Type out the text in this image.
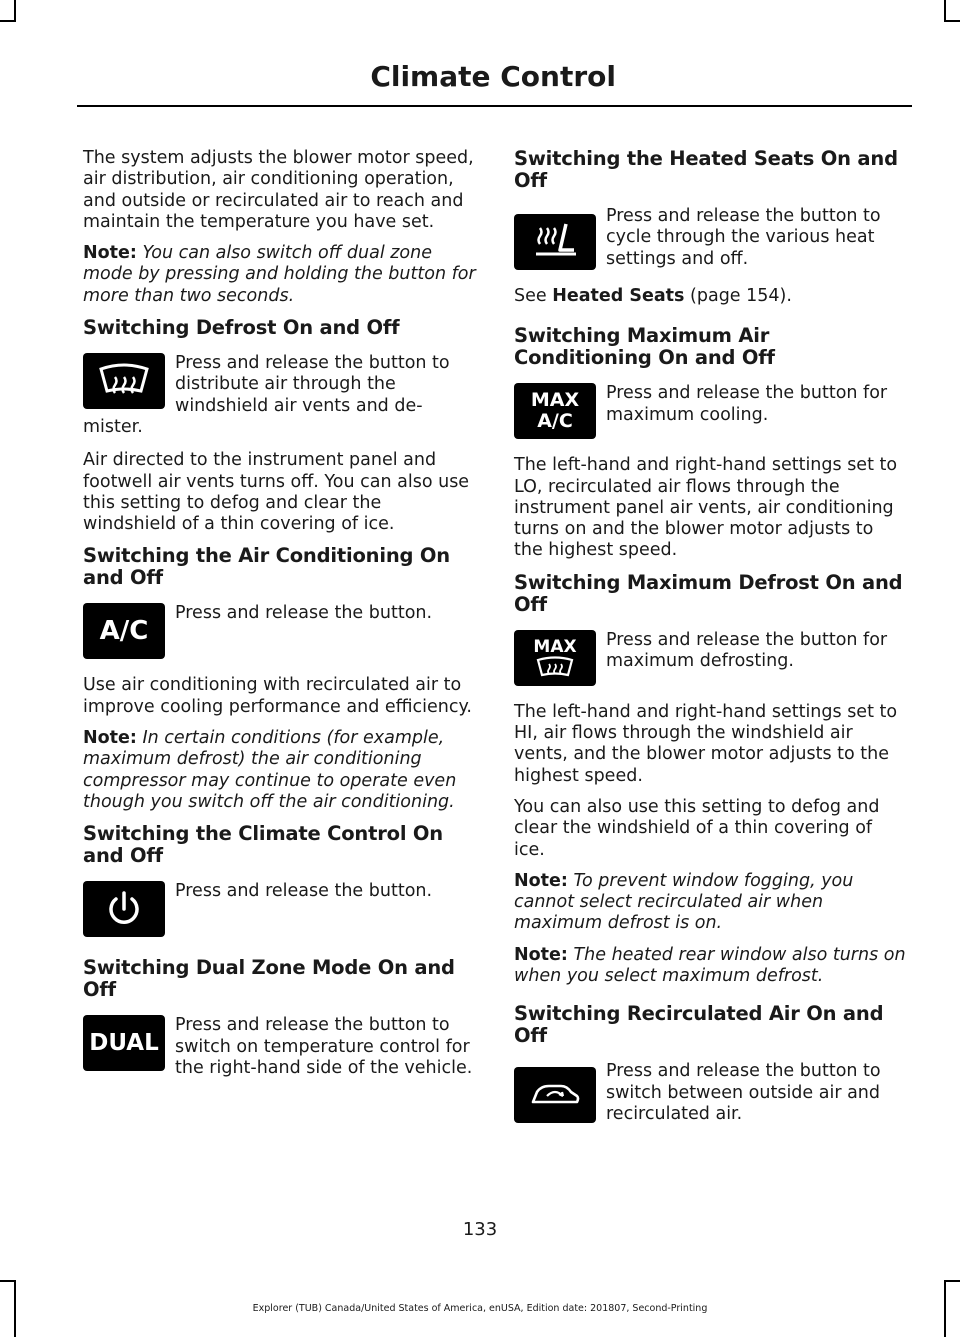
Climate Control

The system adjusts the blower motor speed, air distribution, air conditioning operation, and outside or recirculated air to reach and maintain the temperature you have set.

Note: You can also switch off dual zone mode by pressing and holding the button for more than two seconds.

Switching Defrost On and Off
Press and release the button to distribute air through the windshield air vents and de-mister.

Air directed to the instrument panel and footwell air vents turns off. You can also use this setting to defog and clear the windshield of a thin covering of ice.

Switching the Air Conditioning On and Off
A/C
Press and release the button.

Use air conditioning with recirculated air to improve cooling performance and efficiency.

Note: In certain conditions (for example, maximum defrost) the air conditioning compressor may continue to operate even though you switch off the air conditioning.

Switching the Climate Control On and Off
Press and release the button.
Switching Dual Zone Mode On and Off
DUAL
Press and release the button to switch on temperature control for the right-hand side of the vehicle.
Switching the Heated Seats On and Off
Press and release the button to cycle through the various heat settings and off.

See Heated Seats (page 154).

Switching Maximum Air Conditioning On and Off
MAX
A/C
Press and release the button for maximum cooling.

The left-hand and right-hand settings set to LO, recirculated air flows through the instrument panel air vents, air conditioning turns on and the blower motor adjusts to the highest speed.

Switching Maximum Defrost On and Off
MAX	Press and release the button for maximum defrosting.

The left-hand and right-hand settings set to HI, air flows through the windshield air vents, and the blower motor adjusts to the highest speed.

You can also use this setting to defog and clear the windshield of a thin covering of ice.

Note: To prevent window fogging, you cannot select recirculated air when maximum defrost is on.

Note: The heated rear window also turns on when you select maximum defrost.

Switching Recirculated Air On and Off
Press and release the button to switch between outside air and recirculated air.
133
Explorer (TUB) Canada/United States of America, enUSA, Edition date: 201807, Second-Printing
